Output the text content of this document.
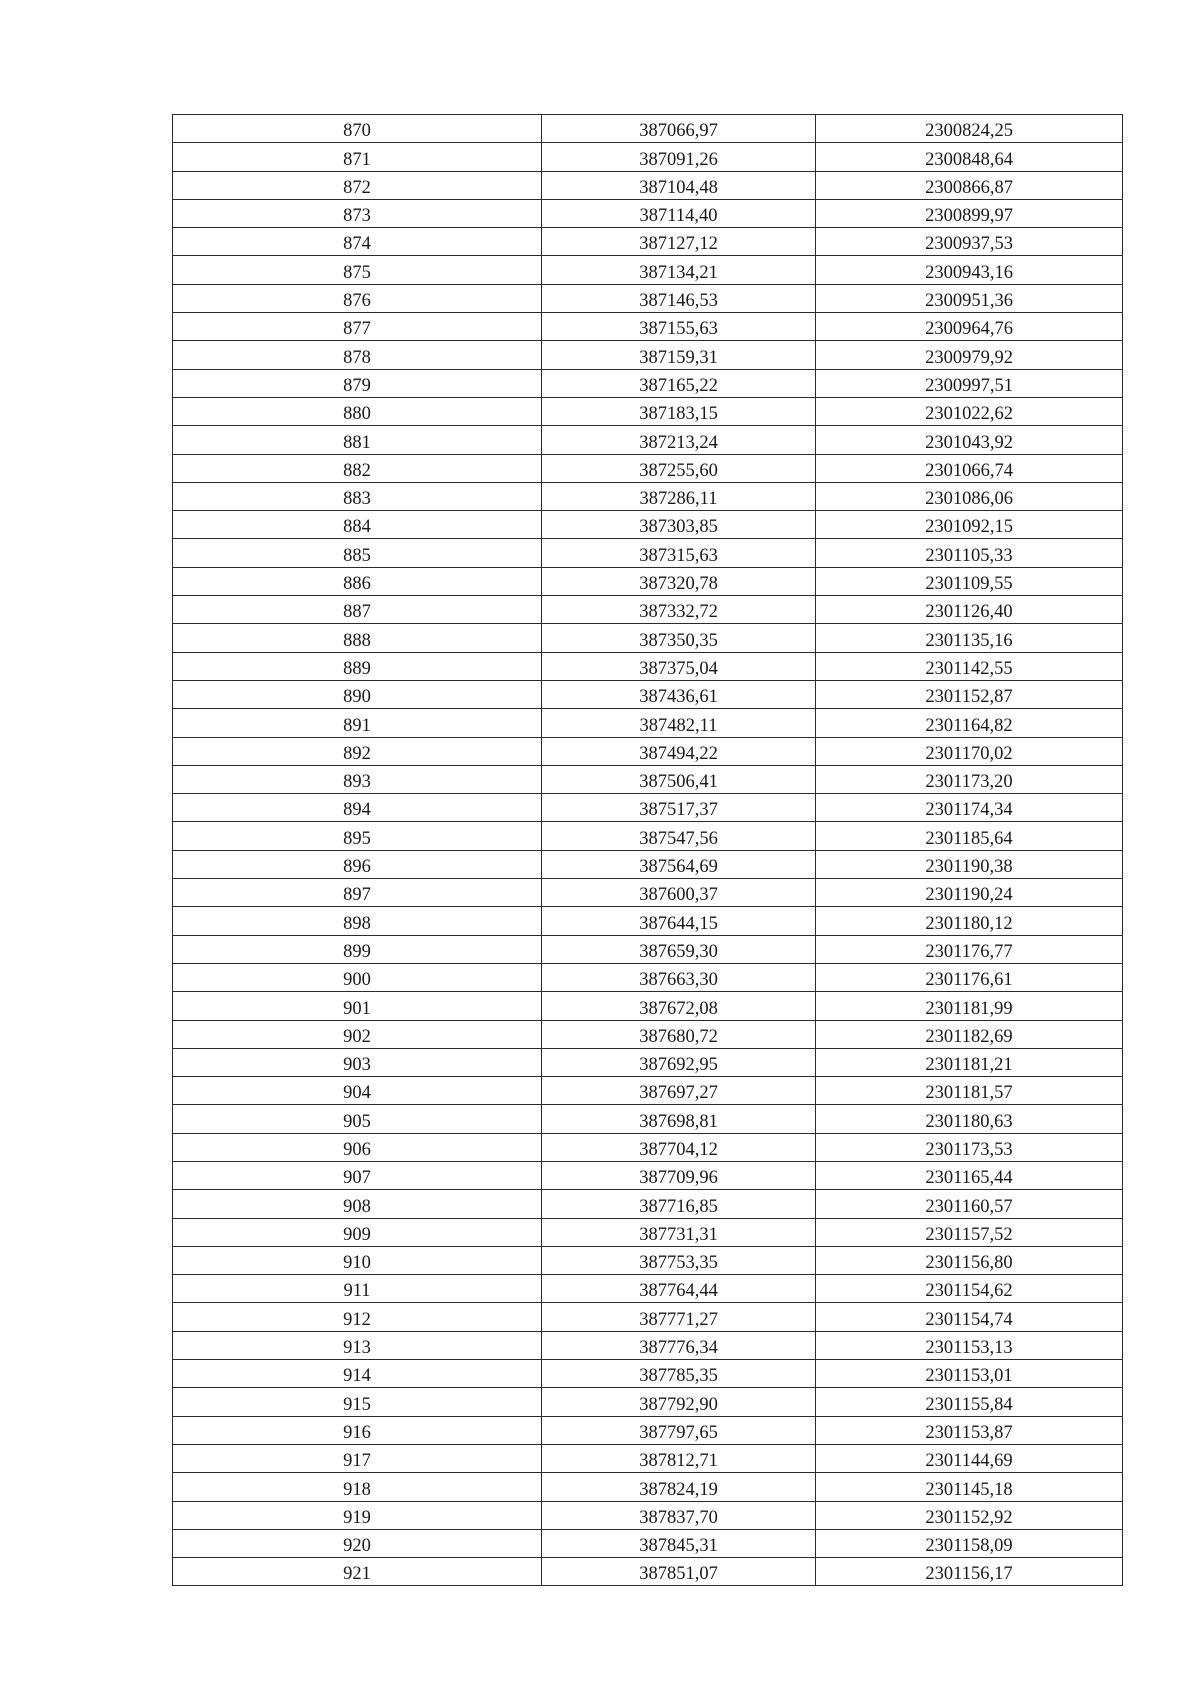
870	387066,97	2300824,25
871	387091,26	2300848,64
872	387104,48	2300866,87
873	387114,40	2300899,97
874	387127,12	2300937,53
875	387134,21	2300943,16
876	387146,53	2300951,36
877	387155,63	2300964,76
878	387159,31	2300979,92
879	387165,22	2300997,51
880	387183,15	2301022,62
881	387213,24	2301043,92
882	387255,60	2301066,74
883	387286,11	2301086,06
884	387303,85	2301092,15
885	387315,63	2301105,33
886	387320,78	2301109,55
887	387332,72	2301126,40
888	387350,35	2301135,16
889	387375,04	2301142,55
890	387436,61	2301152,87
891	387482,11	2301164,82
892	387494,22	2301170,02
893	387506,41	2301173,20
894	387517,37	2301174,34
895	387547,56	2301185,64
896	387564,69	2301190,38
897	387600,37	2301190,24
898	387644,15	2301180,12
899	387659,30	2301176,77
900	387663,30	2301176,61
901	387672,08	2301181,99
902	387680,72	2301182,69
903	387692,95	2301181,21
904	387697,27	2301181,57
905	387698,81	2301180,63
906	387704,12	2301173,53
907	387709,96	2301165,44
908	387716,85	2301160,57
909	387731,31	2301157,52
910	387753,35	2301156,80
911	387764,44	2301154,62
912	387771,27	2301154,74
913	387776,34	2301153,13
914	387785,35	2301153,01
915	387792,90	2301155,84
916	387797,65	2301153,87
917	387812,71	2301144,69
918	387824,19	2301145,18
919	387837,70	2301152,92
920	387845,31	2301158,09
921	387851,07	2301156,17
